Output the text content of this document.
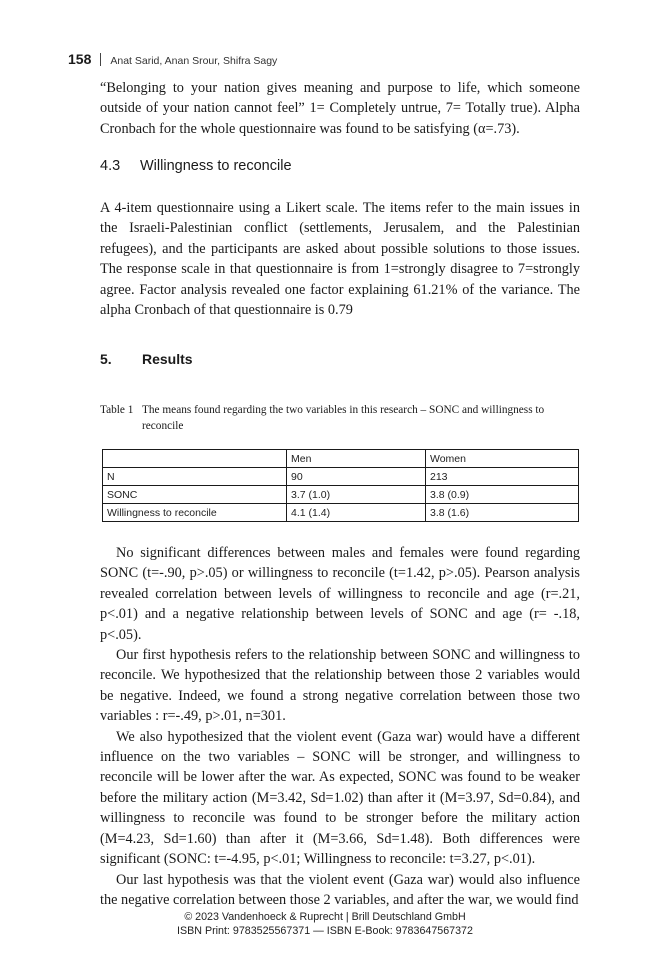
158 Anat Sarid, Anan Srour, Shifra Sagy

“Belonging to your nation gives meaning and purpose to life, which someone outside of your nation cannot feel” 1= Completely untrue, 7= Totally true). Alpha Cronbach for the whole questionnaire was found to be satisfying (α=.73).

4.3 Willingness to reconcile

A 4-item questionnaire using a Likert scale. The items refer to the main issues in the Israeli-Palestinian conflict (settlements, Jerusalem, and the Palestinian refugees), and the participants are asked about possible solutions to those issues. The response scale in that questionnaire is from 1=strongly disagree to 7=strongly agree. Factor analysis revealed one factor explaining 61.21% of the variance. The alpha Cronbach of that questionnaire is 0.79

5. Results
Table 1 The means found regarding the two variables in this research – SONC and willingness to reconcile
	Men	Women
N	90	213
SONC	3.7 (1.0)	3.8 (0.9)
Willingness to reconcile	4.1 (1.4)	3.8 (1.6)

No significant differences between males and females were found regarding SONC (t=-.90, p>.05) or willingness to reconcile (t=1.42, p>.05). Pearson analysis revealed correlation between levels of willingness to reconcile and age (r=.21, p<.01) and a negative relationship between levels of SONC and age (r= -.18, p<.05).

Our first hypothesis refers to the relationship between SONC and willingness to reconcile. We hypothesized that the relationship between those 2 variables would be negative. Indeed, we found a strong negative correlation between those two variables : r=-.49, p>.01, n=301.

We also hypothesized that the violent event (Gaza war) would have a different influence on the two variables – SONC will be stronger, and willingness to reconcile will be lower after the war. As expected, SONC was found to be weaker before the military action (M=3.42, Sd=1.02) than after it (M=3.97, Sd=0.84), and willingness to reconcile was found to be stronger before the military action (M=4.23, Sd=1.60) than after it (M=3.66, Sd=1.48). Both differences were significant (SONC: t=-4.95, p<.01; Willingness to reconcile: t=3.27, p<.01).

Our last hypothesis was that the violent event (Gaza war) would also influence the negative correlation between those 2 variables, and after the war, we would find

© 2023 Vandenhoeck & Ruprecht | Brill Deutschland GmbH
ISBN Print: 9783525567371 — ISBN E-Book: 9783647567372
